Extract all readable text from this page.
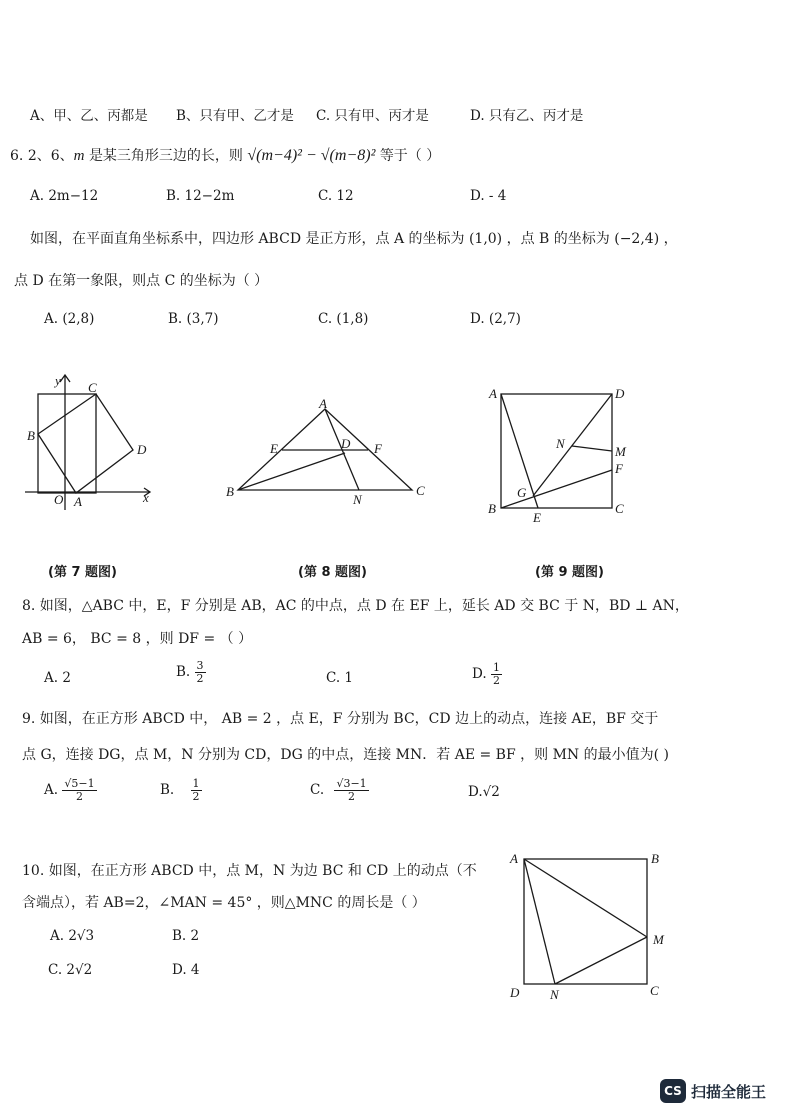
A、甲、乙、丙都是 B、只有甲、乙才是 C. 只有甲、丙才是	D. 只有乙、丙才是
6. 2、6、m 是某三角形三边的长，则 √(m−4)² − √(m−8)² 等于（ ）
A. 2m−12	B. 12−2m	C. 12	D. - 4
如图，在平面直角坐标系中，四边形 ABCD 是正方形，点 A 的坐标为 (1,0) ，点 B 的坐标为 (−2,4) ，
点 D 在第一象限，则点 C 的坐标为（ ）
A. (2,8)	B. (3,7)	C. (1,8)	D. (2,7)
y C
B
D
O A	x
A
E	D F
B
N
C
A	D
N
M
F
G
B
E
C
(第 7 题图)	(第 8 题图)	(第 9 题图)
8. 如图，△ABC 中，E，F 分别是 AB，AC 的中点，点 D 在 EF 上，延长 AD 交 BC 于 N，BD ⊥ AN，
AB = 6， BC = 8 ，则 DF = （ ）
A. 2	B. $\frac{3}{2}$	C. 1	D. $\frac{1}{2}$
9. 如图，在正方形 ABCD 中， AB = 2 ，点 E，F 分别为 BC，CD 边上的动点，连接 AE，BF 交于
点 G，连接 DG，点 M，N 分别为 CD，DG 的中点，连接 MN．若 AE = BF ，则 MN 的最小值为( )
A. $\frac{√5-1}{2}$	B. $\frac{1}{2}$	C. $\frac{√3-1}{2}$	D.√2
10. 如图，在正方形 ABCD 中，点 M，N 为边 BC 和 CD 上的动点（不
含端点），若 AB=2，∠MAN = 45° ，则△MNC 的周长是（ ）
A. 2√3	B. 2
C. 2√2	D. 4
A	B
M
D N	C
CS 扫描全能王
